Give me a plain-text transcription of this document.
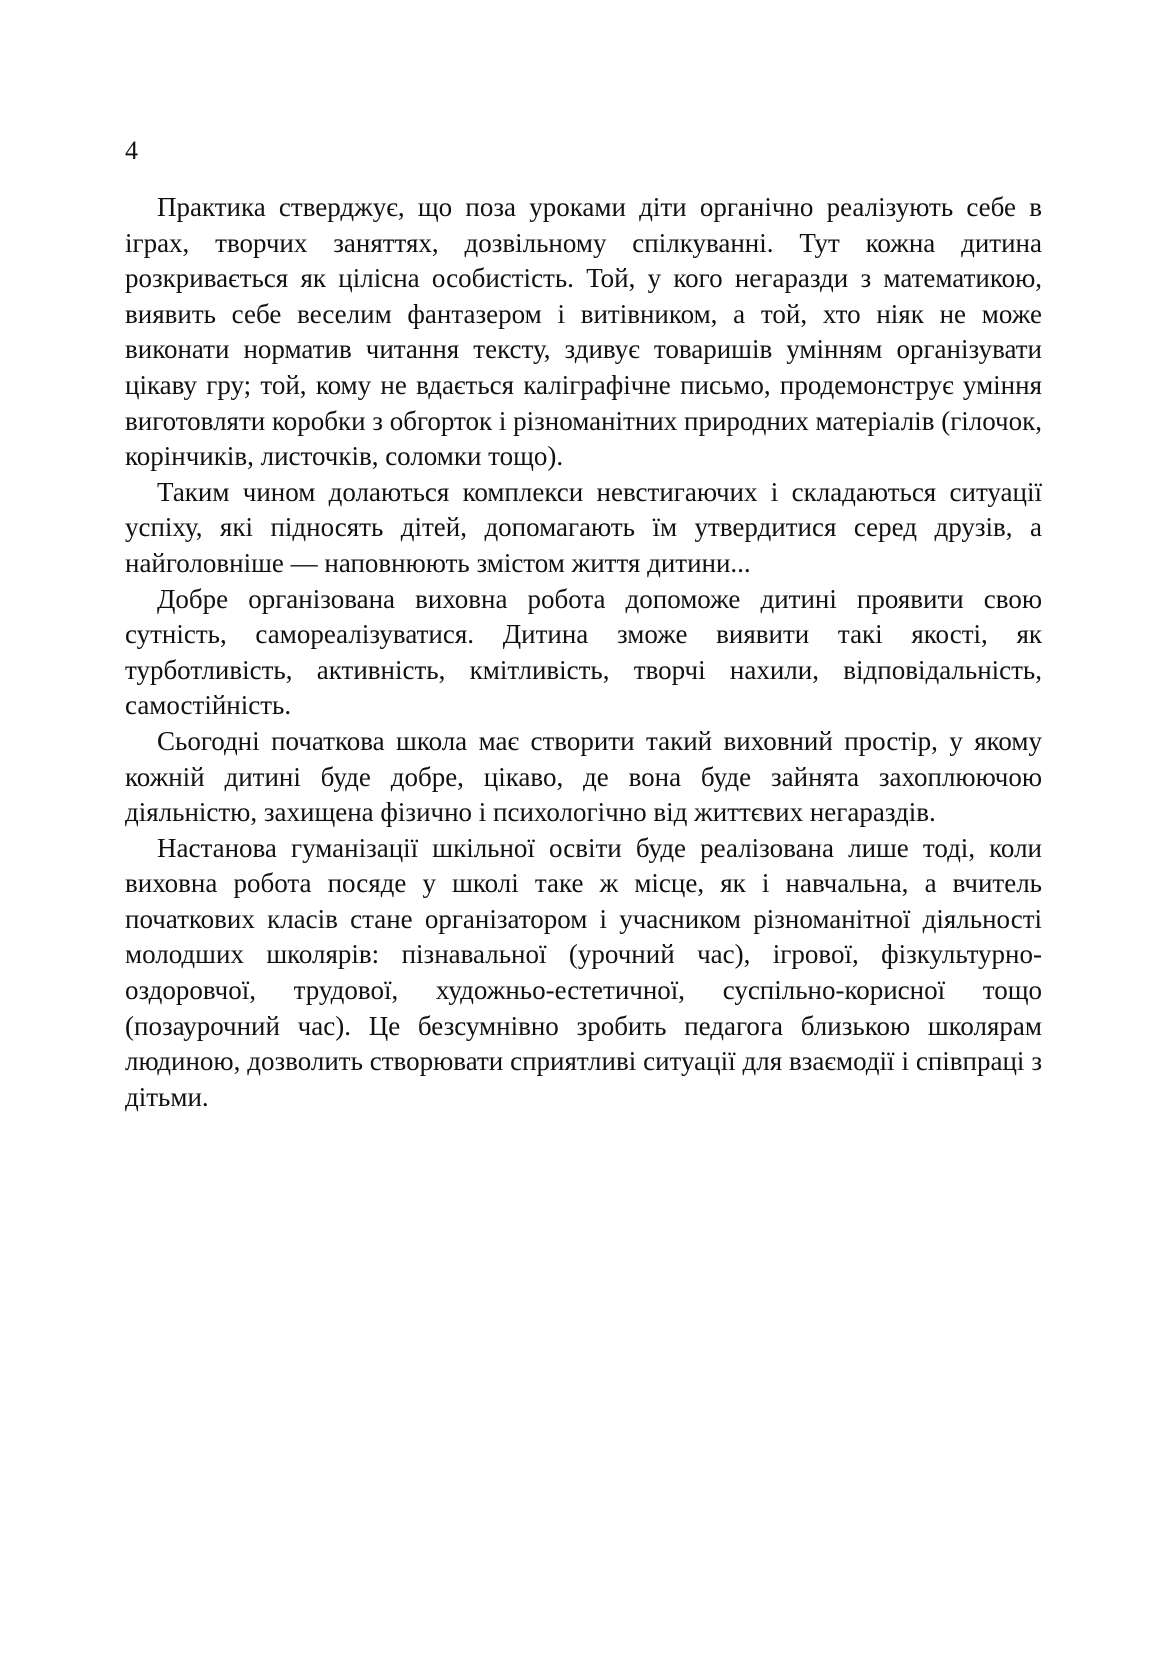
4

Практика стверджує, що поза уроками діти органічно реалізують себе в іграх, творчих заняттях, дозвільному спілкуванні. Тут кожна дитина розкривається як цілісна особистість. Той, у кого негаразди з математикою, виявить себе веселим фантазером і витівником, а той, хто ніяк не може виконати норматив читання тексту, здивує товаришів умінням організувати цікаву гру; той, кому не вдається каліграфічне письмо, продемонструє уміння виготовляти коробки з обгорток і різноманітних природних матеріалів (гілочок, корінчиків, листочків, соломки тощо).

Таким чином долаються комплекси невстигаючих і складаються ситуації успіху, які підносять дітей, допомагають їм утвердитися серед друзів, а найголовніше — наповнюють змістом життя дитини...

Добре організована виховна робота допоможе дитині проявити свою сутність, самореалізуватися. Дитина зможе виявити такі якості, як турботливість, активність, кмітливість, творчі нахили, відповідальність, самостійність.

Сьогодні початкова школа має створити такий виховний простір, у якому кожній дитині буде добре, цікаво, де вона буде зайнята захоплюючою діяльністю, захищена фізично і психологічно від життєвих негараздів.

Настанова гуманізації шкільної освіти буде реалізована лише тоді, коли виховна робота посяде у школі таке ж місце, як і навчальна, а вчитель початкових класів стане організатором і учасником різноманітної діяльності молодших школярів: пізнавальної (урочний час), ігрової, фізкультурно-оздоровчої, трудової, художньо-естетичної, суспільно-корисної тощо (позаурочний час). Це безсумнівно зробить педагога близькою школярам людиною, дозволить створювати сприятливі ситуації для взаємодії і співпраці з дітьми.
